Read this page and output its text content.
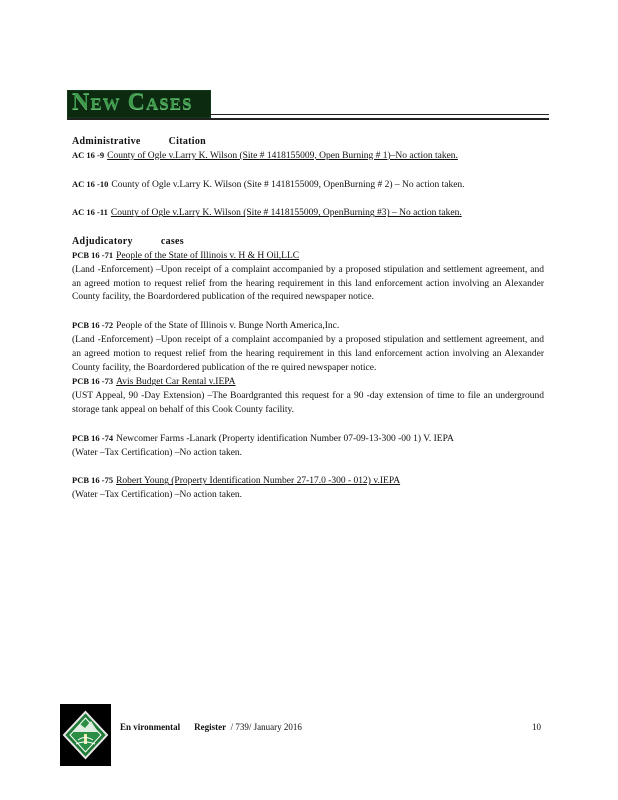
New Cases

Administrative	Citation

AC 16 -9 County of Ogle v.Larry K. Wilson (Site # 1418155009, Open Burning # 1)–No action taken.

AC 16 -10 County of Ogle v.Larry K. Wilson (Site # 1418155009, OpenBurning # 2) – No action taken.

AC 16 -11 County of Ogle v.Larry K. Wilson (Site # 1418155009, OpenBurning #3) – No action taken.

Adjudicatory	cases

PCB 16 -71 People of the State of Illinois v. H & H Oil,LLC
(Land -Enforcement) –Upon receipt of a complaint accompanied by a proposed stipulation and settlement agreement, and an agreed motion to request relief from the hearing requirement in this land enforcement action involving an Alexander County facility, the Boardordered publication of the required newspaper notice.
PCB 16 -72 People of the State of Illinois v. Bunge North America,Inc.
(Land -Enforcement) –Upon receipt of a complaint accompanied by a proposed stipulation and settlement agreement, and an agreed motion to request relief from the hearing requirement in this land enforcement action involving an Alexander County facility, the Boardordered publication of the re quired newspaper notice.
PCB 16 -73 Avis Budget Car Rental v.IEPA
(UST Appeal, 90 -Day Extension) –The Boardgranted this request for a 90 -day extension of time to file an underground storage tank appeal on behalf of this Cook County facility.
PCB 16 -74 Newcomer Farms -Lanark (Property identification Number 07-09-13-300 -00 1) V. IEPA
(Water –Tax Certification) –No action taken.
PCB 16 -75 Robert Young (Property Identification Number 27-17.0 -300 - 012) v.IEPA
(Water –Tax Certification) –No action taken.
En vironmental Register / 739/ January 2016	10
